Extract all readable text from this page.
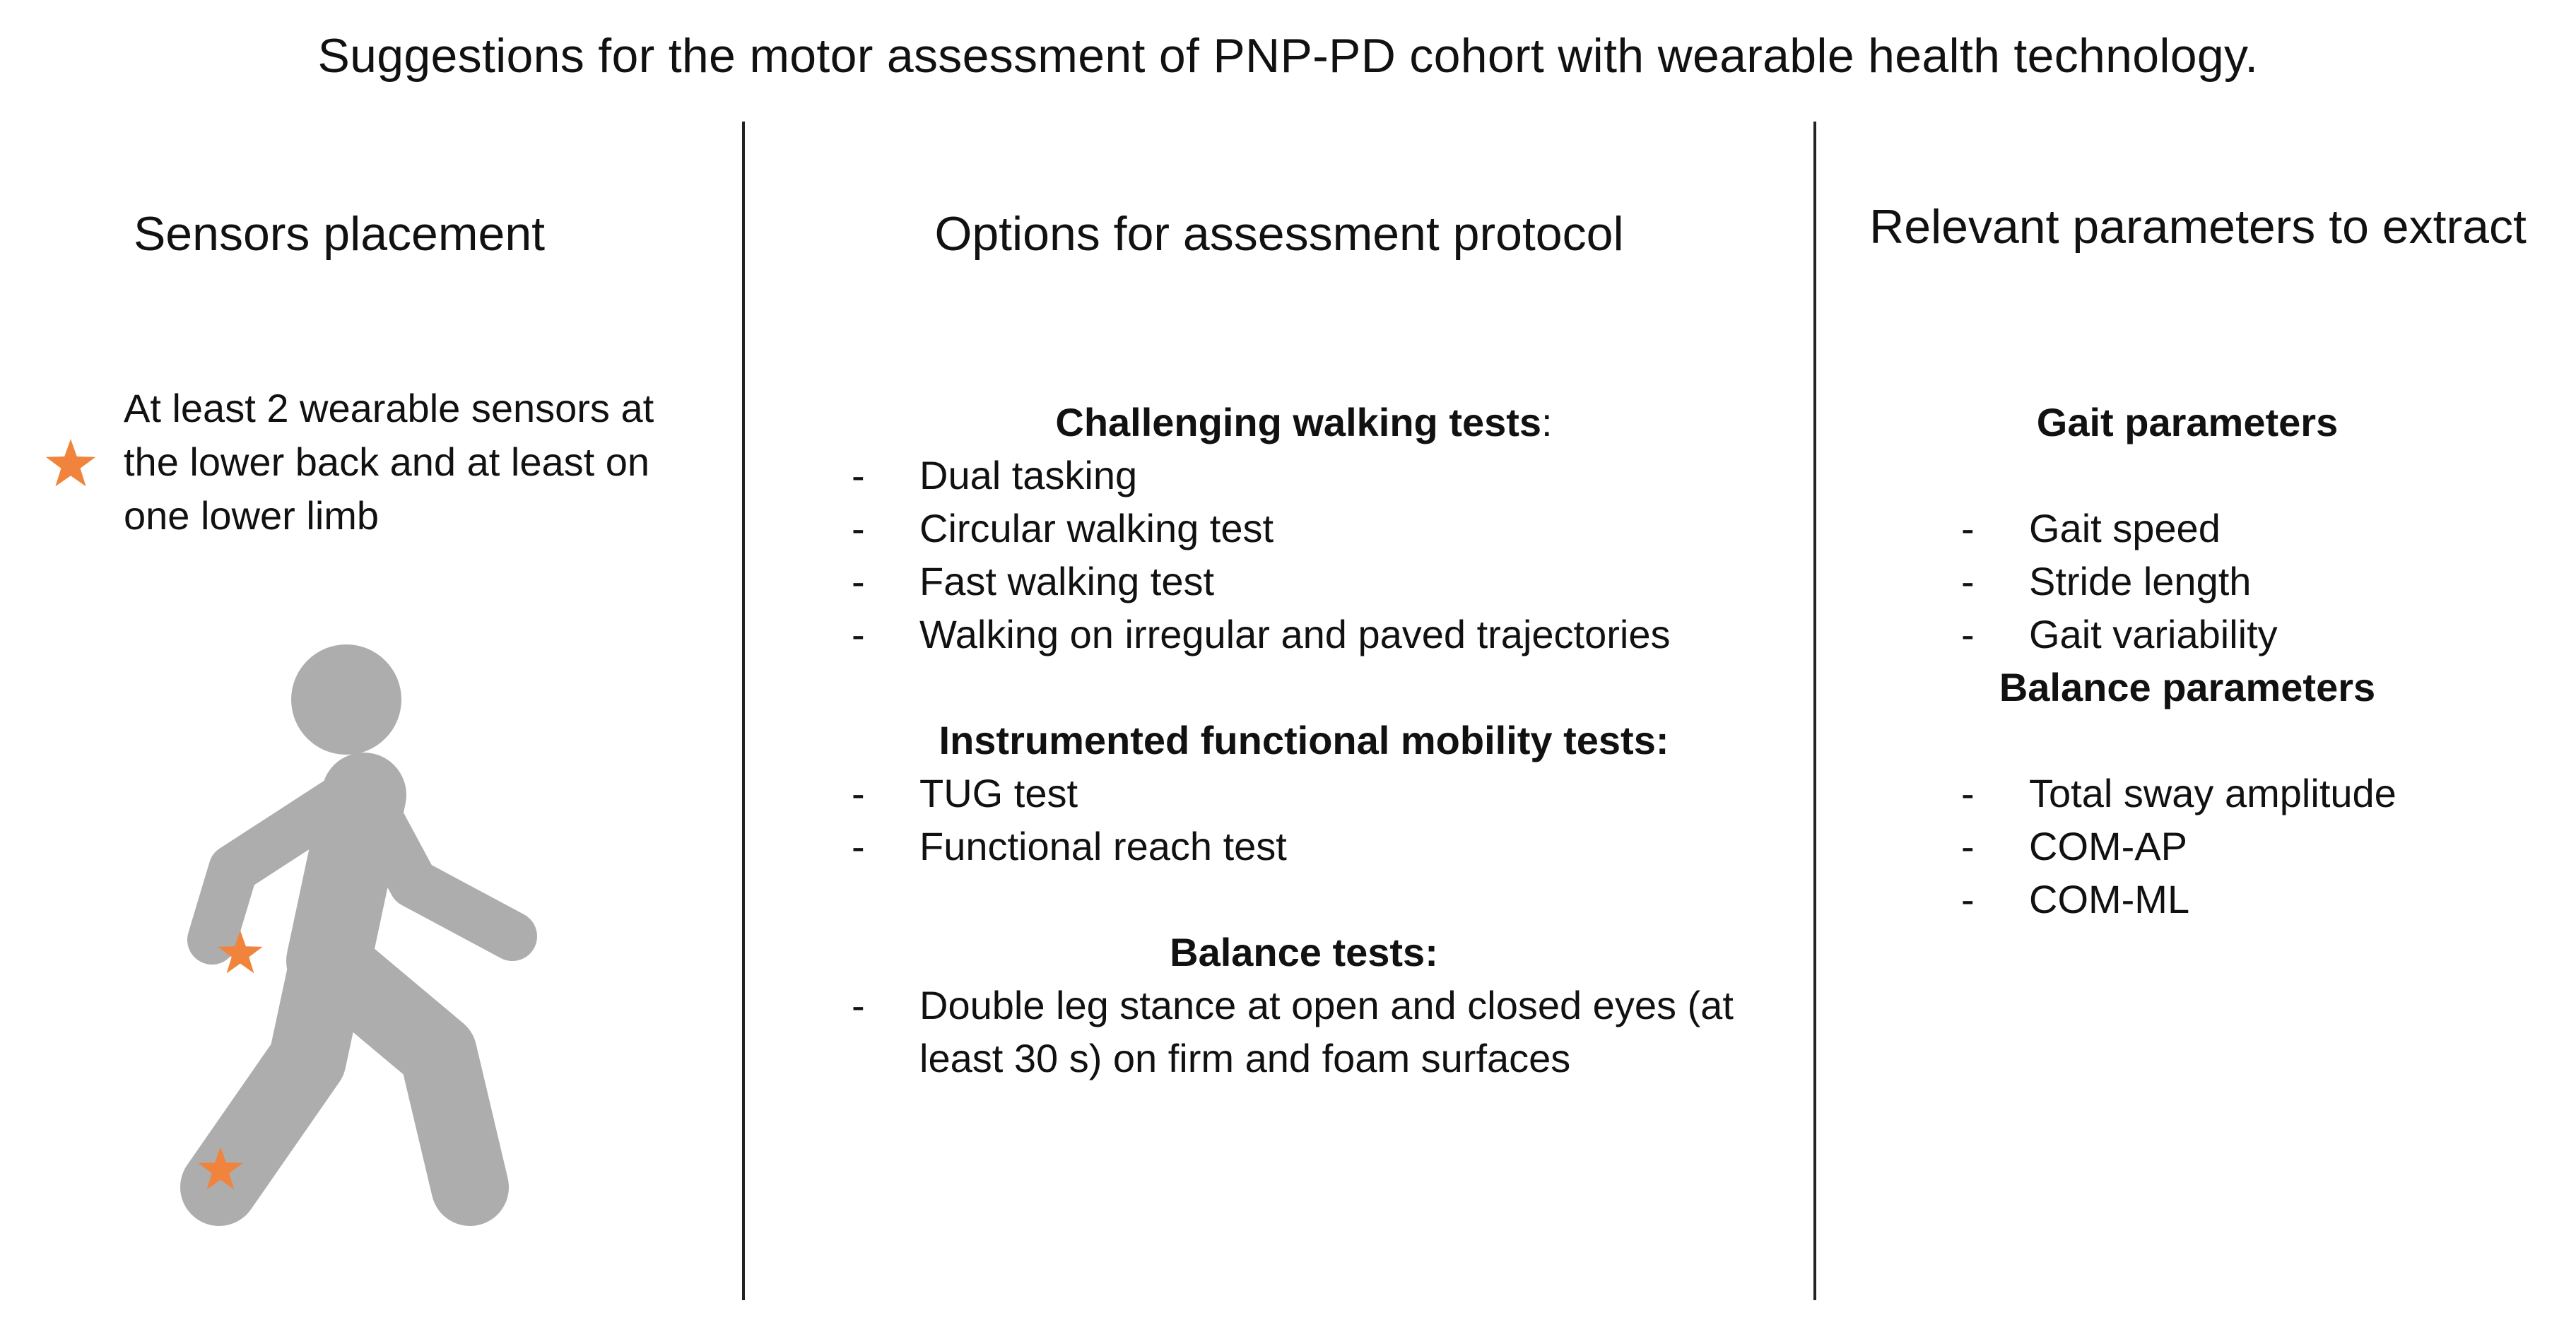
Suggestions for the motor assessment of PNP-PD cohort with wearable health technology.
Sensors placement
At least 2 wearable sensors at the lower back and at least on one lower limb
Options for assessment protocol
Challenging walking tests:
- Dual tasking
- Circular walking test
- Fast walking test
- Walking on irregular and paved trajectories
Instrumented functional mobility tests:
- TUG test
- Functional reach test
Balance tests:
- Double leg stance at open and closed eyes (at least 30 s) on firm and foam surfaces
Relevant parameters to extract
Gait parameters
- Gait speed
- Stride length
- Gait variability
Balance parameters
- Total sway amplitude
- COM-AP
- COM-ML
